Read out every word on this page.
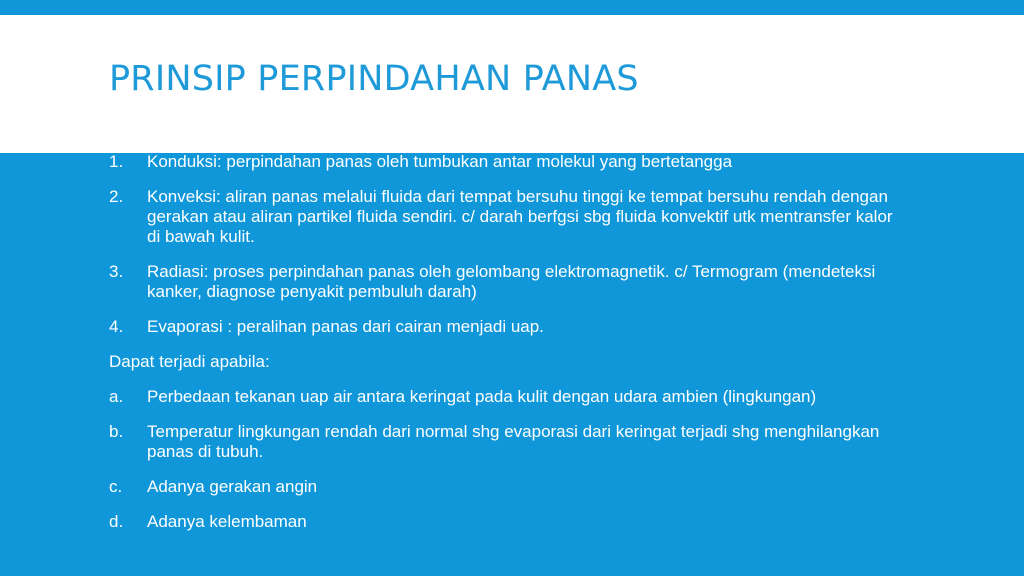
PRINSIP PERPINDAHAN PANAS
1.	Konduksi: perpindahan panas oleh tumbukan antar molekul yang bertetangga
2.	Konveksi: aliran panas melalui fluida dari tempat bersuhu tinggi ke tempat bersuhu rendah dengan gerakan atau aliran partikel fluida sendiri. c/ darah berfgsi sbg fluida konvektif utk mentransfer kalor di bawah kulit.
3.	Radiasi: proses perpindahan panas oleh gelombang elektromagnetik. c/ Termogram (mendeteksi kanker, diagnose penyakit pembuluh darah)
4.	Evaporasi : peralihan panas dari cairan menjadi uap.
Dapat terjadi apabila:
a.	Perbedaan tekanan uap air antara keringat pada kulit dengan udara ambien (lingkungan)
b.	Temperatur lingkungan rendah dari normal shg evaporasi dari keringat terjadi shg menghilangkan panas di tubuh.
c.	Adanya gerakan angin
d.	Adanya kelembaman
